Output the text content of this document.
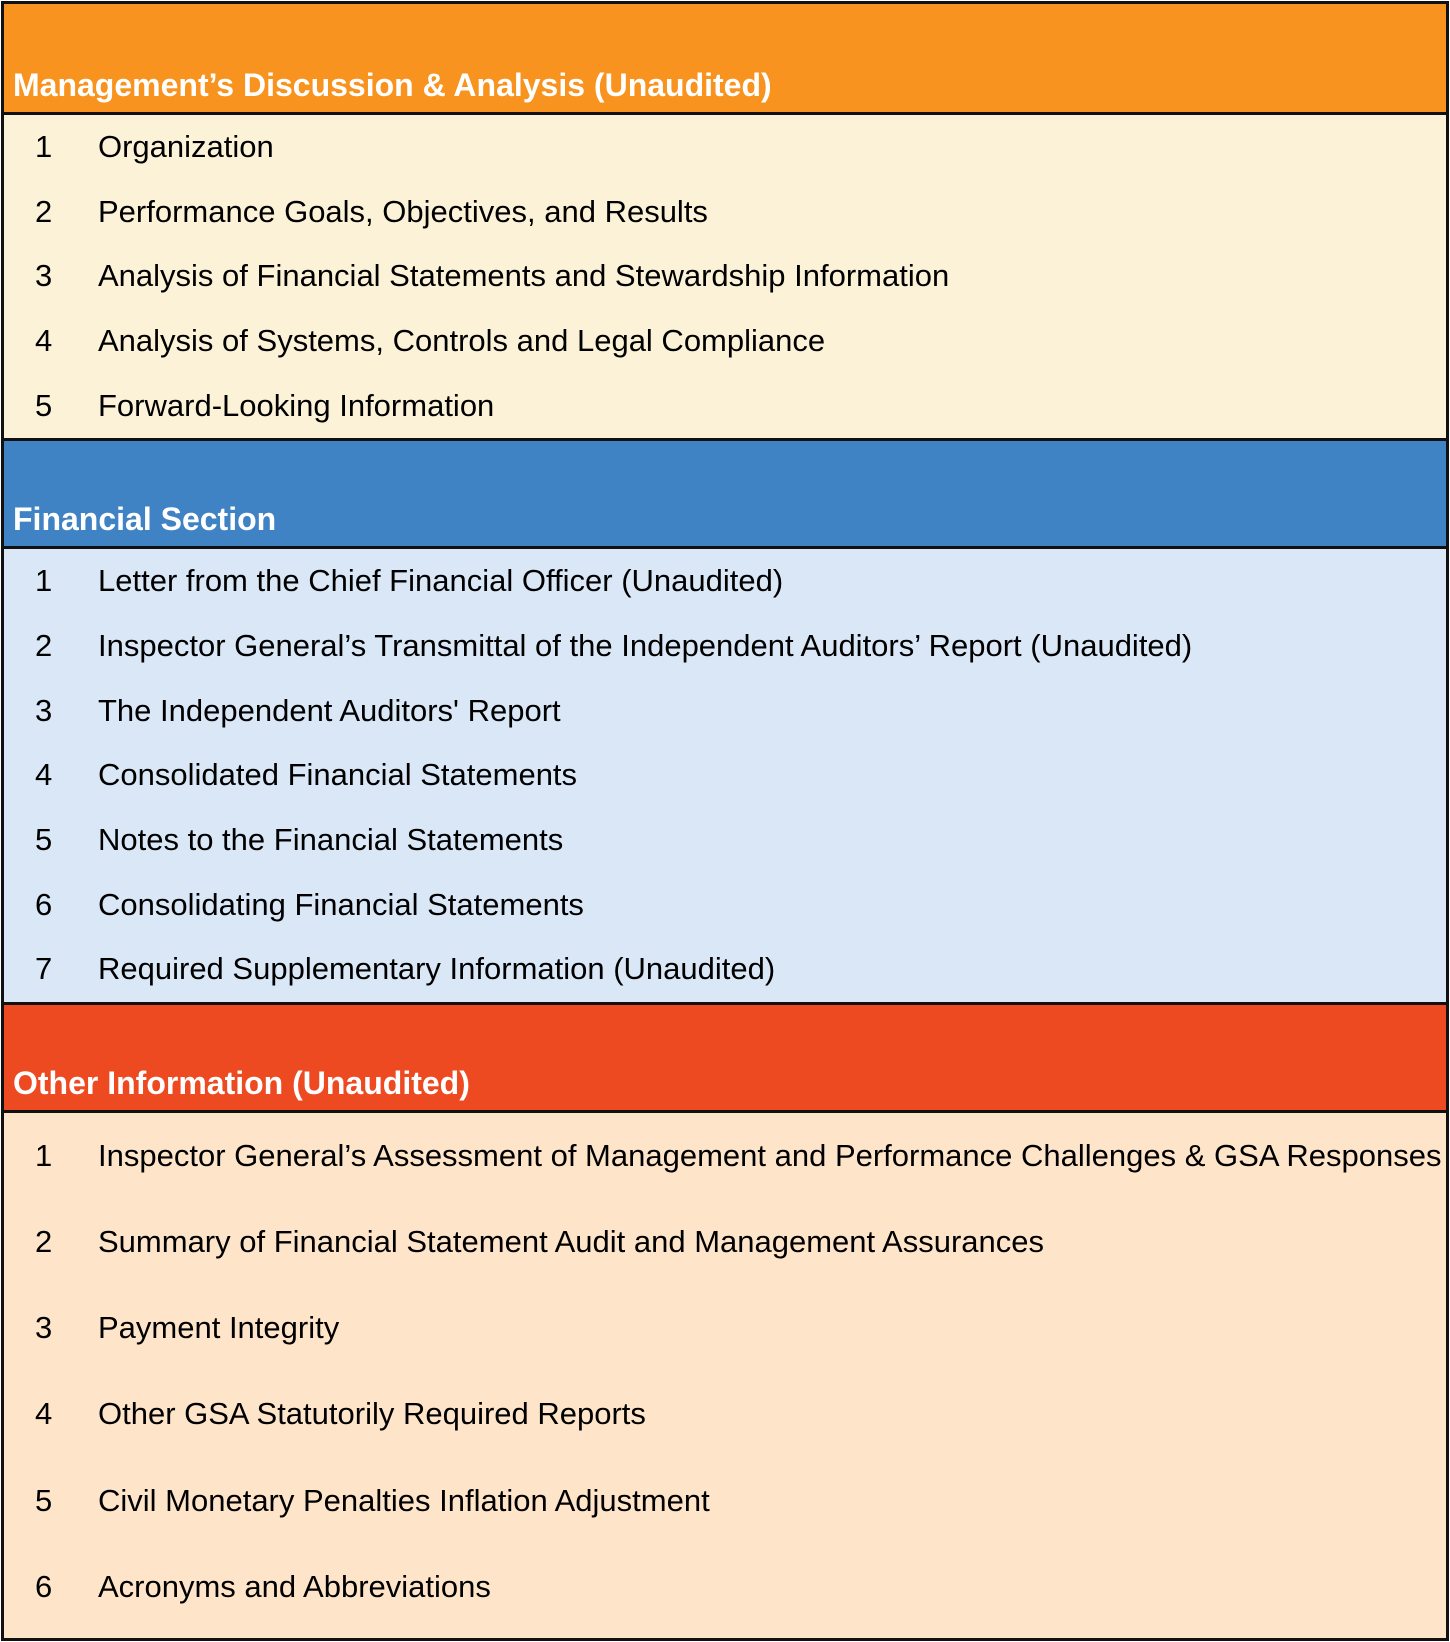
Management’s Discussion & Analysis (Unaudited)
1	Organization
2	Performance Goals, Objectives, and Results
3	Analysis of Financial Statements and Stewardship Information
4	Analysis of Systems, Controls and Legal Compliance
5	Forward-Looking Information
Financial Section
1	Letter from the Chief Financial Officer (Unaudited)
2	Inspector General’s Transmittal of the Independent Auditors’ Report (Unaudited)
3	The Independent Auditors' Report
4	Consolidated Financial Statements
5	Notes to the Financial Statements
6	Consolidating Financial Statements
7	Required Supplementary Information (Unaudited)
Other Information (Unaudited)
1	Inspector General’s Assessment of Management and Performance Challenges & GSA Responses
2	Summary of Financial Statement Audit and Management Assurances
3	Payment Integrity
4	Other GSA Statutorily Required Reports
5	Civil Monetary Penalties Inflation Adjustment
6	Acronyms and Abbreviations
